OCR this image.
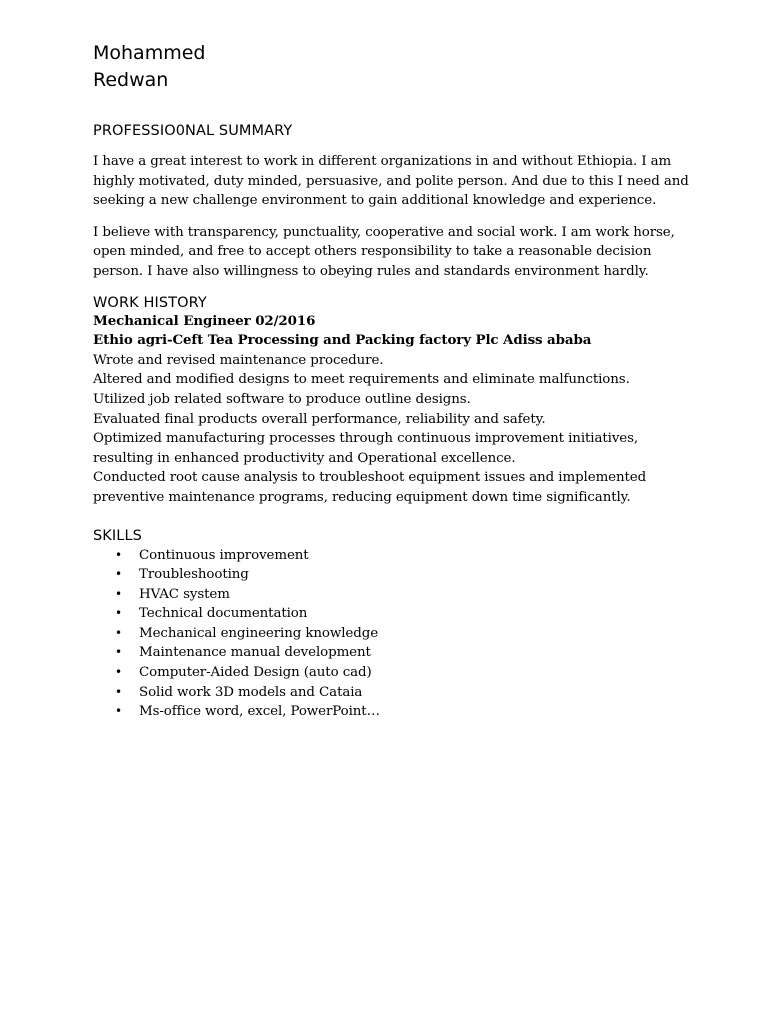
Mohammed
Redwan
PROFESSIO0NAL SUMMARY

I have a great interest to work in different organizations in and without Ethiopia. I am highly motivated, duty minded, persuasive, and polite person. And due to this I need and seeking a new challenge environment to gain additional knowledge and experience.

I believe with transparency, punctuality, cooperative and social work. I am work horse, open minded, and free to accept others responsibility to take a reasonable decision person. I have also willingness to obeying rules and standards environment hardly.

WORK HISTORY

Mechanical Engineer 02/2016

Ethio agri-Ceft Tea Processing and Packing factory Plc Adiss ababa

Wrote and revised maintenance procedure.

Altered and modified designs to meet requirements and eliminate malfunctions.

Utilized job related software to produce outline designs.

Evaluated final products overall performance, reliability and safety.

Optimized manufacturing processes through continuous improvement initiatives, resulting in enhanced productivity and Operational excellence.

Conducted root cause analysis to troubleshoot equipment issues and implemented preventive maintenance programs, reducing equipment down time significantly.

SKILLS
• Continuous improvement
• Troubleshooting
• HVAC system
• Technical documentation
• Mechanical engineering knowledge
• Maintenance manual development
• Computer-Aided Design (auto cad)
• Solid work 3D models and Cataia
• Ms-office word, excel, PowerPoint…
